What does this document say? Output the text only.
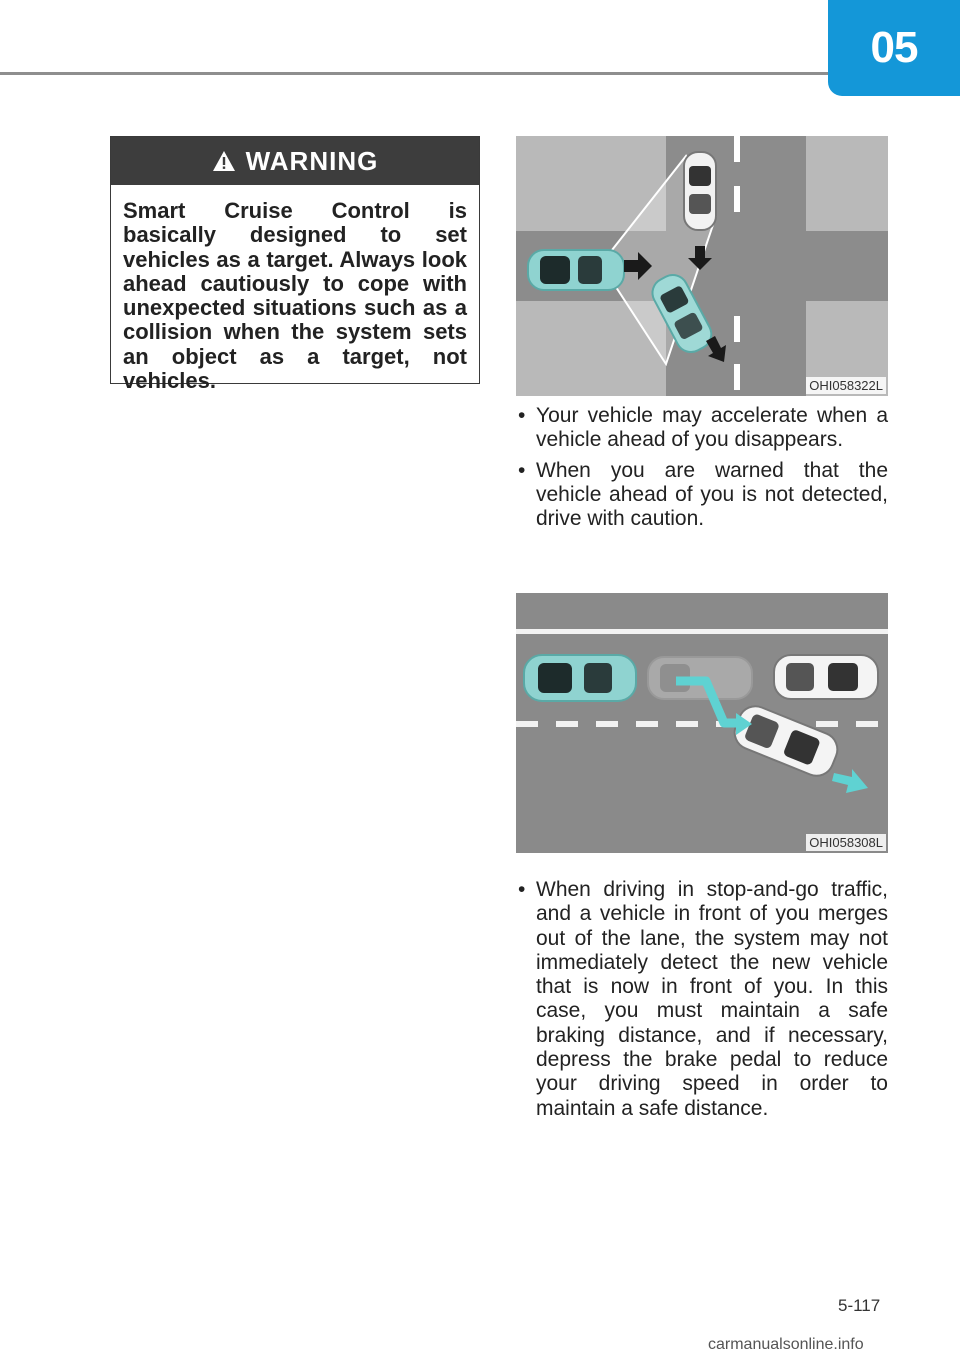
05
WARNING
Smart Cruise Control is basically designed to set vehicles as a target. Always look ahead cautiously to cope with unexpected situations such as a collision when the system sets an object as a target, not vehicles.	OHI058322L
• Your vehicle may accelerate when a vehicle ahead of you disappears.
• When you are warned that the vehicle ahead of you is not detected, drive with caution.
OHI058308L
• When driving in stop-and-go traffic, and a vehicle in front of you merges out of the lane, the system may not immediately detect the new vehicle that is now in front of you. In this case, you must maintain a safe braking distance, and if necessary, depress the brake pedal to reduce your driving speed in order to maintain a safe distance.
5-117
carmanualsonline.info
